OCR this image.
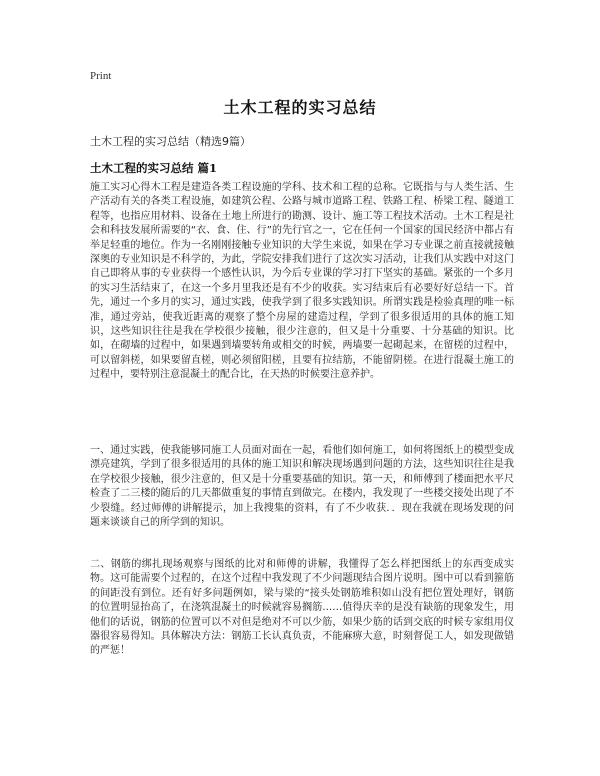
Print
土木工程的实习总结
土木工程的实习总结（精选9篇）
土木工程的实习总结 篇1

施工实习心得木工程是建造各类工程设施的学科、技术和工程的总称。它既指与与人类生活、生产活动有关的各类工程设施，如建筑公程、公路与城市道路工程、铁路工程、桥梁工程、隧道工程等，也指应用材料、设备在土地上所进行的勘测、设计、施工等工程技术活动。土木工程是社会和科技发展所需要的“衣、食、住、行”的先行官之一，它在任何一个国家的国民经济中都占有举足轻重的地位。作为一名刚刚接触专业知识的大学生来说，如果在学习专业课之前直接就接触深奥的专业知识是不科学的，为此，学院安排我们进行了这次实习活动，让我们从实践中对这门自己即将从事的专业获得一个感性认识，为今后专业课的学习打下坚实的基础。紧张的一个多月的实习生活结束了，在这一个多月里我还是有不少的收获。实习结束后有必要好好总结一下。首先，通过一个多月的实习，通过实践，使我学到了很多实践知识。所谓实践是检验真理的唯一标准，通过旁站，使我近距离的观察了整个房屋的建造过程，学到了很多很适用的具体的施工知识，这些知识往往是我在学校很少接触，很少注意的，但又是十分重要、十分基础的知识。比如，在砌墙的过程中，如果遇到墙要转角或相交的时候，两墙要一起砌起来，在留槎的过程中，可以留斜槎，如果要留直槎，则必须留阳槎，且要有拉结筋，不能留阴槎。在进行混凝土施工的过程中，要特别注意混凝土的配合比，在天热的时候要注意养护。

一、通过实践，使我能够同施工人员面对面在一起，看他们如何施工，如何将图纸上的模型变成漂亮建筑，学到了很多很适用的具体的施工知识和解决现场遇到问题的方法，这些知识往往是我在学校很少接触，很少注意的，但又是十分重要基础的知识。第一天，和师傅到了楼面把水平尺检查了二三楼的随后的几天都做重复的事情直到做完。在楼内，我发现了一些楼交接处出现了不少裂缝。经过师傅的讲解提示，加上我搜集的资料，有了不少收获．．现在我就在现场发现的问题来谈谈自己的所学到的知识。

二、钢筋的绑扎现场观察与图纸的比对和师傅的讲解，我懂得了怎么样把图纸上的东西变成实物。这可能需要个过程的，在这个过程中我发现了不少问题现结合图片说明。图中可以看到箍筋的间距没有到位。还有好多问题例如，梁与梁的“接头处钢筋堆积如山没有把位置处理好，钢筋的位置明显抬高了，在浇筑混凝土的时候就容易搁筋……值得庆幸的是没有缺筋的现象发生，用他们的话说，钢筋的位置可以不对但是绝对不可以少筋，如果少筋的话到交底的时候专家组用仪器很容易得知。具体解决方法：钢筋工长认真负责，不能麻痹大意，时刻督促工人，如发现做错的严惩！
